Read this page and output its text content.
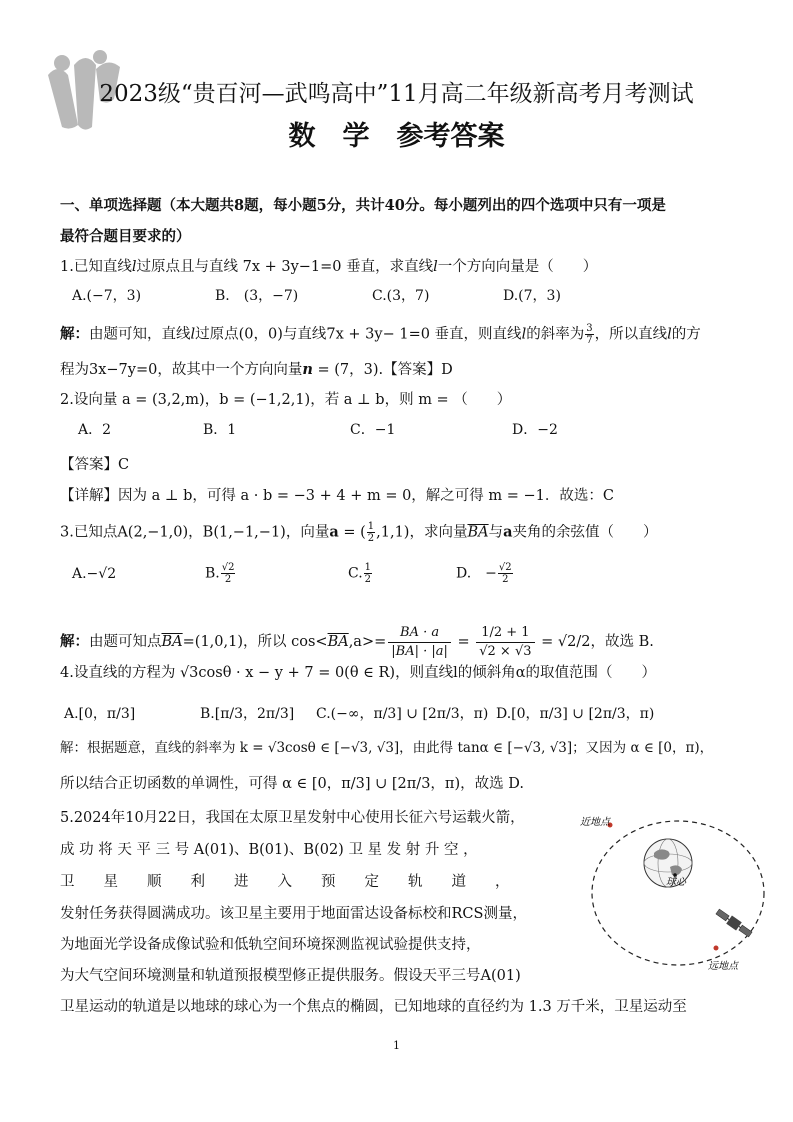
2023级“贵百河—武鸣高中”11月高二年级新高考月考测试
数　学　参考答案
一、单项选择题（本大题共8题，每小题5分，共计40分。每小题列出的四个选项中只有一项是
最符合题目要求的）
1.已知直线l过原点且与直线 7x + 3y−1=0 垂直，求直线l一个方向向量是（　　）
A.(−7，3)	B.　(3，−7)	C.(3，7)	D.(7，3)
解：由题可知，直线l过原点(0，0)与直线7x + 3y− 1=0 垂直，则直线l的斜率为 $\frac{3}{7}$ ，所以直线l的方
程为3x−7y=0，故其中一个方向向量n = (7，3).【答案】D
2.设向量 a = (3,2,m)，b = (−1,2,1)，若 a ⊥ b，则 m = （　　）
A．2	B．1	C．−1	D．−2
【答案】C
【详解】因为 a ⊥ b，可得 a · b = −3 + 4 + m = 0，解之可得 m = −1．故选：C
3.已知点A(2,−1,0)，B(1,−1,−1)，向量a = ( $\frac{1}{2} ,1,1$)，求向量$\overline{BA}$与a夹角的余弦值（　　）
A.−√2	B. $\frac{√2}{2}$	C. $\frac{1}{2}$	D.　− $\frac{√2}{2}$
解：由题可知点$\overline{BA}=(1,0,1)$，所以 $\cos<\overline{BA},a>= \frac{BA \cdot a}{|BA| \cdot |a|} = \frac{1/2 + 1}{√2 \times √3} = √2/2$，故选 B.
4.设直线的方程为 √3cosθ · x − y + 7 = 0(θ ∈ R)，则直线l的倾斜角α的取值范围（　　）
A.[0，π/3]	B.[π/3，2π/3] C.(−∞，π/3] ∪ [2π/3，π) D.[0，π/3] ∪ [2π/3，π)
解：根据题意，直线的斜率为 k = √3cosθ ∈ [−√3, √3]，由此得 tanα ∈ [−√3, √3]；又因为 α ∈ [0，π)，
所以结合正切函数的单调性，可得 α ∈ [0，π/3] ∪ [2π/3，π)，故选 D.
5.2024年10月22日，我国在太原卫星发射中心使用长征六号运载火箭，
成 功 将 天 平 三 号 A(01)、B(01)、B(02) 卫 星 发 射 升 空 ，
卫　　星　　顺　　利　　进　　入　　预　　定　　轨　　道　　，
发射任务获得圆满成功。该卫星主要用于地面雷达设备标校和RCS测量，
为地面光学设备成像试验和低轨空间环境探测监视试验提供支持，
为大气空间环境测量和轨道预报模型修正提供服务。假设天平三号A(01)
卫星运动的轨道是以地球的球心为一个焦点的椭圆，已知地球的直径约为 1.3 万千米，卫星运动至
球心
近地点
远地点
1
